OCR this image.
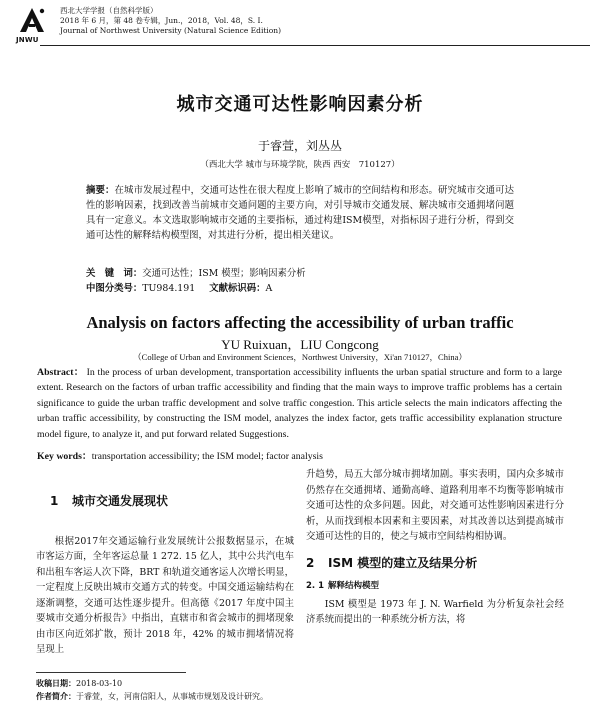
JNWU
西北大学学报（自然科学版）
2018 年 6 月，第 48 卷专辑，Jun.，2018，Vol. 48，S. I.
Journal of Northwest University (Natural Science Edition)
城市交通可达性影响因素分析
于睿萱，刘丛丛
（西北大学 城市与环境学院，陕西 西安　710127）
摘要：在城市发展过程中，交通可达性在很大程度上影响了城市的空间结构和形态。研究城市交通可达性的影响因素，找到改善当前城市交通问题的主要方向，对引导城市交通发展、解决城市交通拥堵问题具有一定意义。本文选取影响城市交通的主要指标，通过构建ISM模型，对指标因子进行分析，得到交通可达性的解释结构模型图，对其进行分析，提出相关建议。
关　键　词：交通可达性；ISM 模型；影响因素分析
中图分类号：TU984.191 文献标识码：A
Analysis on factors affecting the accessibility of urban traffic
YU Ruixuan，LIU Congcong
（College of Urban and Environment Sciences，Northwest University，Xi'an 710127，China）
Abstract： In the process of urban development, transportation accessibility influents the urban spatial structure and form to a large extent. Research on the factors of urban traffic accessibility and finding that the main ways to improve traffic problems has a certain significance to guide the urban traffic development and solve traffic congestion. This article selects the main indicators affecting the urban traffic accessibility, by constructing the ISM model, analyzes the index factor, gets traffic accessibility explanation structure model figure, to analyze it, and put forward related Suggestions.
Key words：transportation accessibility; the ISM model; factor analysis
1 城市交通发展现状

根据2017年交通运输行业发展统计公报数据显示，在城市客运方面，全年客运总量 1 272. 15 亿人，其中公共汽电车和出租车客运人次下降，BRT 和轨道交通客运人次增长明显，一定程度上反映出城市交通方式的转变。中国交通运输结构在逐渐调整，交通可达性逐步提升。但高德《2017 年度中国主要城市交通分析报告》中指出，直辖市和省会城市的拥堵现象由市区向近郊扩散，预计 2018 年，42% 的城市拥堵情况将呈现上

升趋势，局五大部分城市拥堵加剧。事实表明，国内众多城市仍然存在交通拥堵、通勤高峰、道路利用率不均衡等影响城市交通可达性的众多问题。因此，对交通可达性影响因素进行分析，从而找到根本因素和主要因素，对其改善以达到提高城市交通可达性的目的，使之与城市空间结构相协调。

2 ISM 模型的建立及结果分析
2. 1 解释结构模型

ISM 模型是 1973 年 J. N. Warfield 为分析复杂社会经济系统而提出的一种系统分析方法，将

收稿日期：2018-03-10
作者简介：于睿萱，女，河南信阳人，从事城市规划及设计研究。
